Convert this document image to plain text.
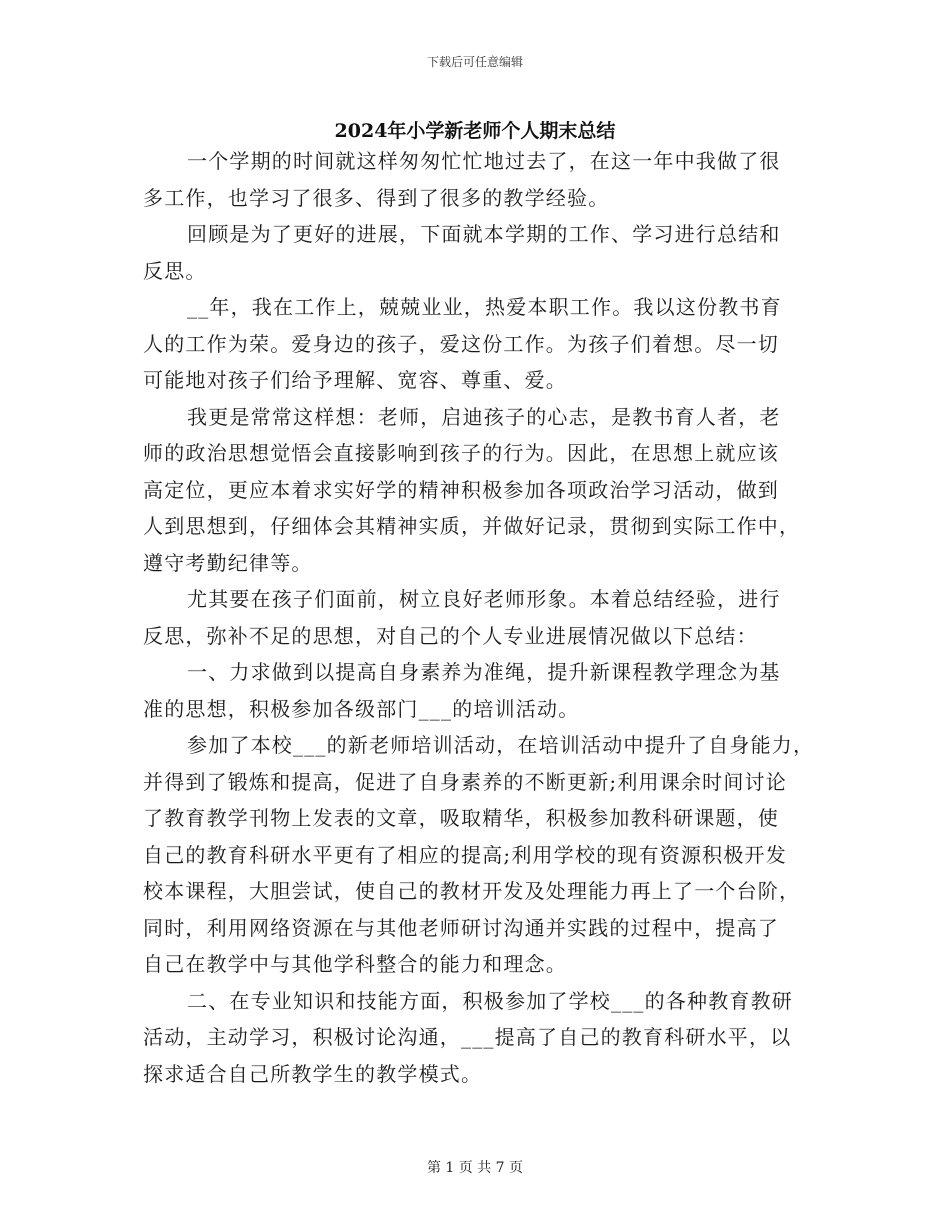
下载后可任意编辑
2024年小学新老师个人期末总结
一个学期的时间就这样匆匆忙忙地过去了，在这一年中我做了很
多工作，也学习了很多、得到了很多的教学经验。
回顾是为了更好的进展，下面就本学期的工作、学习进行总结和
反思。
__年，我在工作上，兢兢业业，热爱本职工作。我以这份教书育
人的工作为荣。爱身边的孩子，爱这份工作。为孩子们着想。尽一切
可能地对孩子们给予理解、宽容、尊重、爱。
我更是常常这样想：老师，启迪孩子的心志，是教书育人者，老
师的政治思想觉悟会直接影响到孩子的行为。因此，在思想上就应该
高定位，更应本着求实好学的精神积极参加各项政治学习活动，做到
人到思想到，仔细体会其精神实质，并做好记录，贯彻到实际工作中，
遵守考勤纪律等。
尤其要在孩子们面前，树立良好老师形象。本着总结经验，进行
反思，弥补不足的思想，对自己的个人专业进展情况做以下总结：
一、力求做到以提高自身素养为准绳，提升新课程教学理念为基
准的思想，积极参加各级部门___的培训活动。
参加了本校___的新老师培训活动，在培训活动中提升了自身能力，
并得到了锻炼和提高，促进了自身素养的不断更新;利用课余时间讨论
了教育教学刊物上发表的文章，吸取精华，积极参加教科研课题，使
自己的教育科研水平更有了相应的提高;利用学校的现有资源积极开发
校本课程，大胆尝试，使自己的教材开发及处理能力再上了一个台阶，
同时，利用网络资源在与其他老师研讨沟通并实践的过程中，提高了
自己在教学中与其他学科整合的能力和理念。
二、在专业知识和技能方面，积极参加了学校___的各种教育教研
活动，主动学习，积极讨论沟通，___提高了自己的教育科研水平，以
探求适合自己所教学生的教学模式。
第 1 页 共 7 页
